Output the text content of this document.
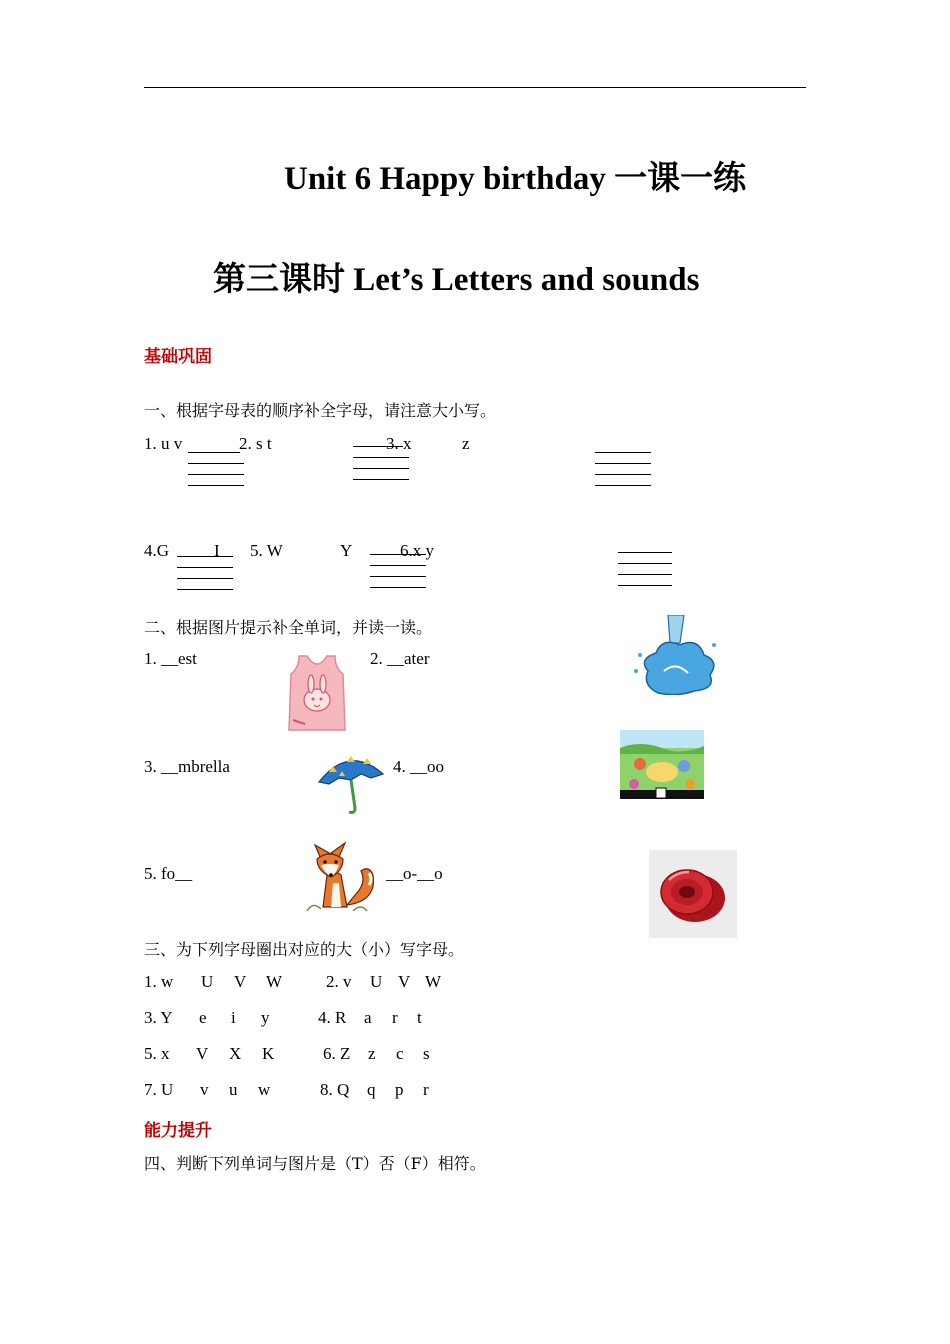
Unit 6 Happy birthday 一课一练
第三课时 Let’s Letters and sounds
基础巩固
一、根据字母表的顺序补全字母，请注意大小写。
1. u v	2. s t	3. x	z
4.G	I 5. W	Y	6.x y
二、根据图片提示补全单词，并读一读。
1. __est	2. __ater
3. __mbrella	4. __oo
5. fo__	__o-__o
三、为下列字母圈出对应的大（小）写字母。
1. w U V W	2. v U V W
3. Y e i y	4. R a r t
5. x V X K	6. Z z c s
7. U v u w	8. Q q p r
能力提升
四、判断下列单词与图片是（T）否（F）相符。
